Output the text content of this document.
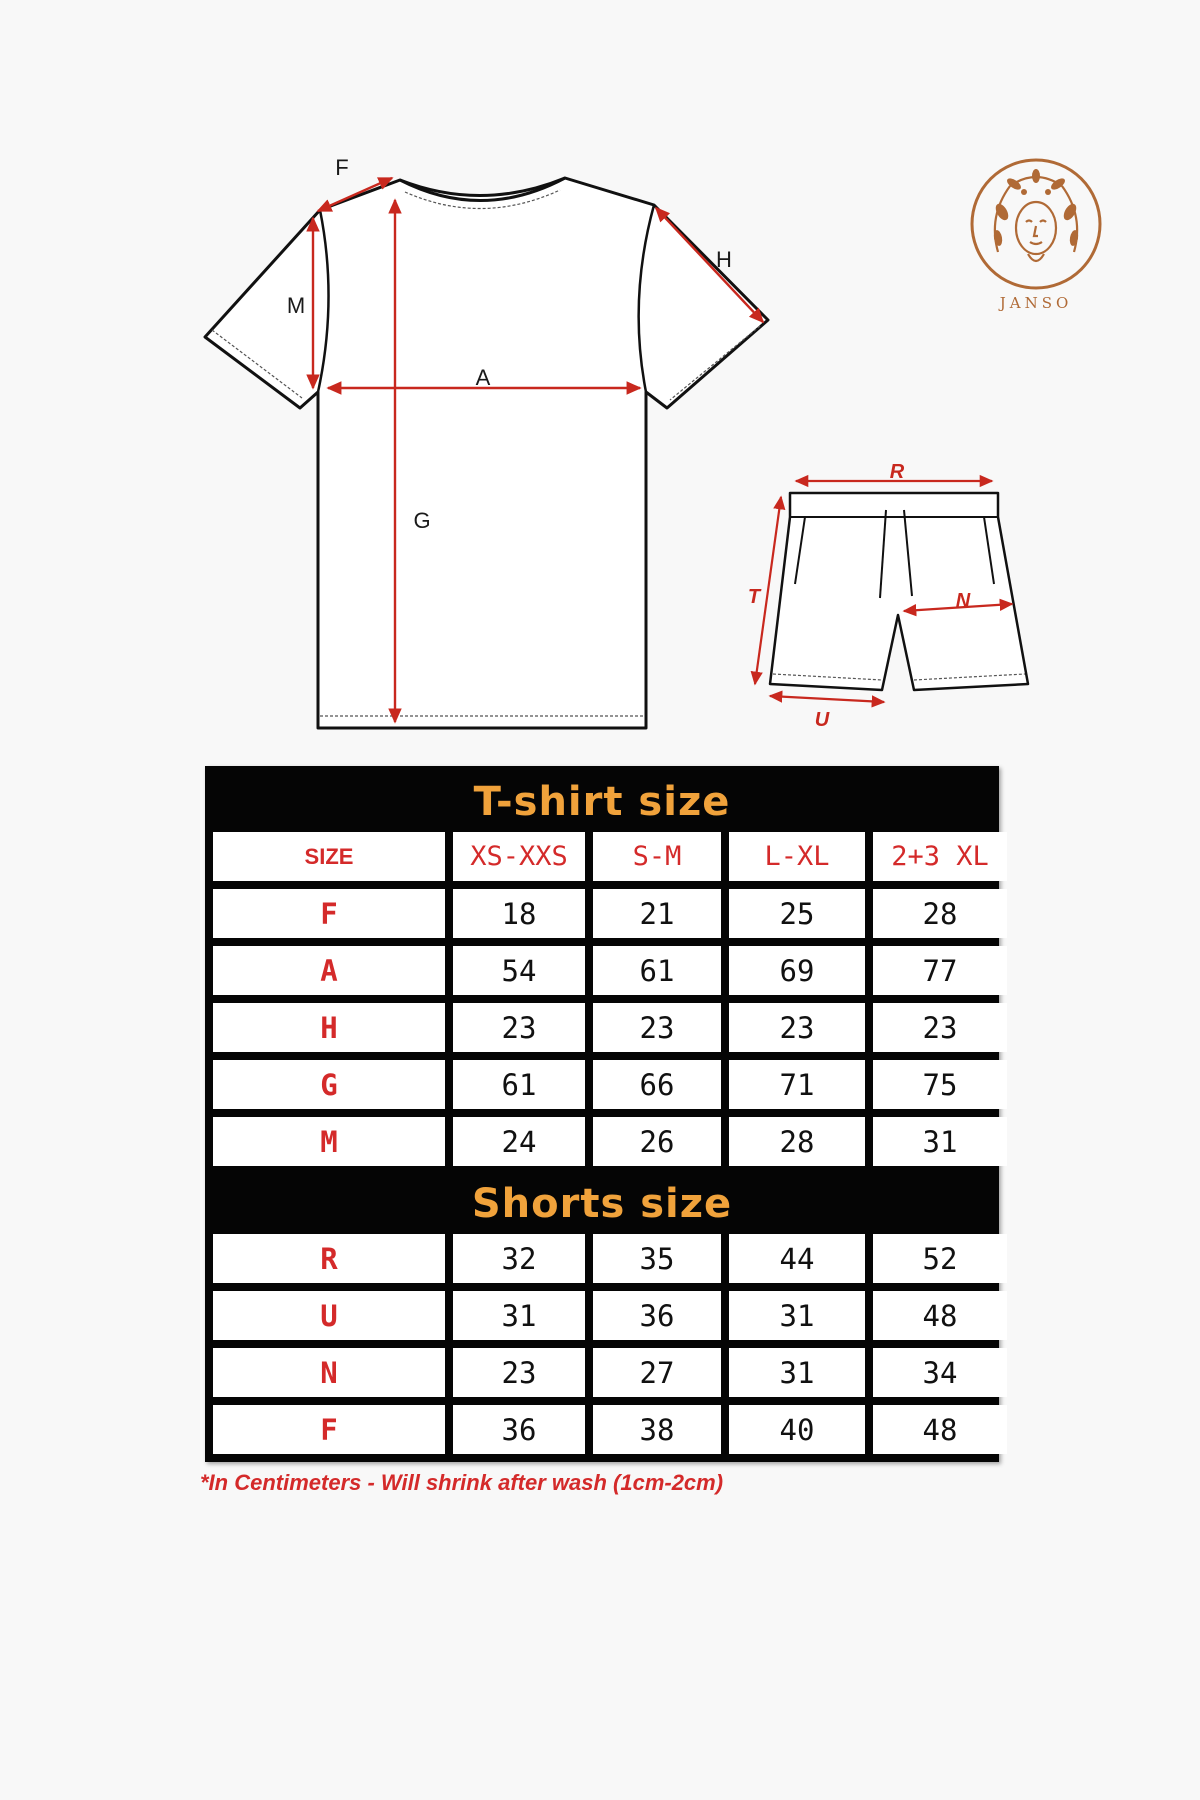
F
M
A
G
H
R
T	N
U
JANSO
T-shirt size
SIZE	XS-XXS	S-M	L-XL	2+3 XL
F	18	21	25	28
A	54	61	69	77
H	23	23	23	23
G	61	66	71	75
M	24	26	28	31
Shorts size
R	32	35	44	52
U	31	36	31	48
N	23	27	31	34
F	36	38	40	48
*In Centimeters - Will shrink after wash (1cm-2cm)
